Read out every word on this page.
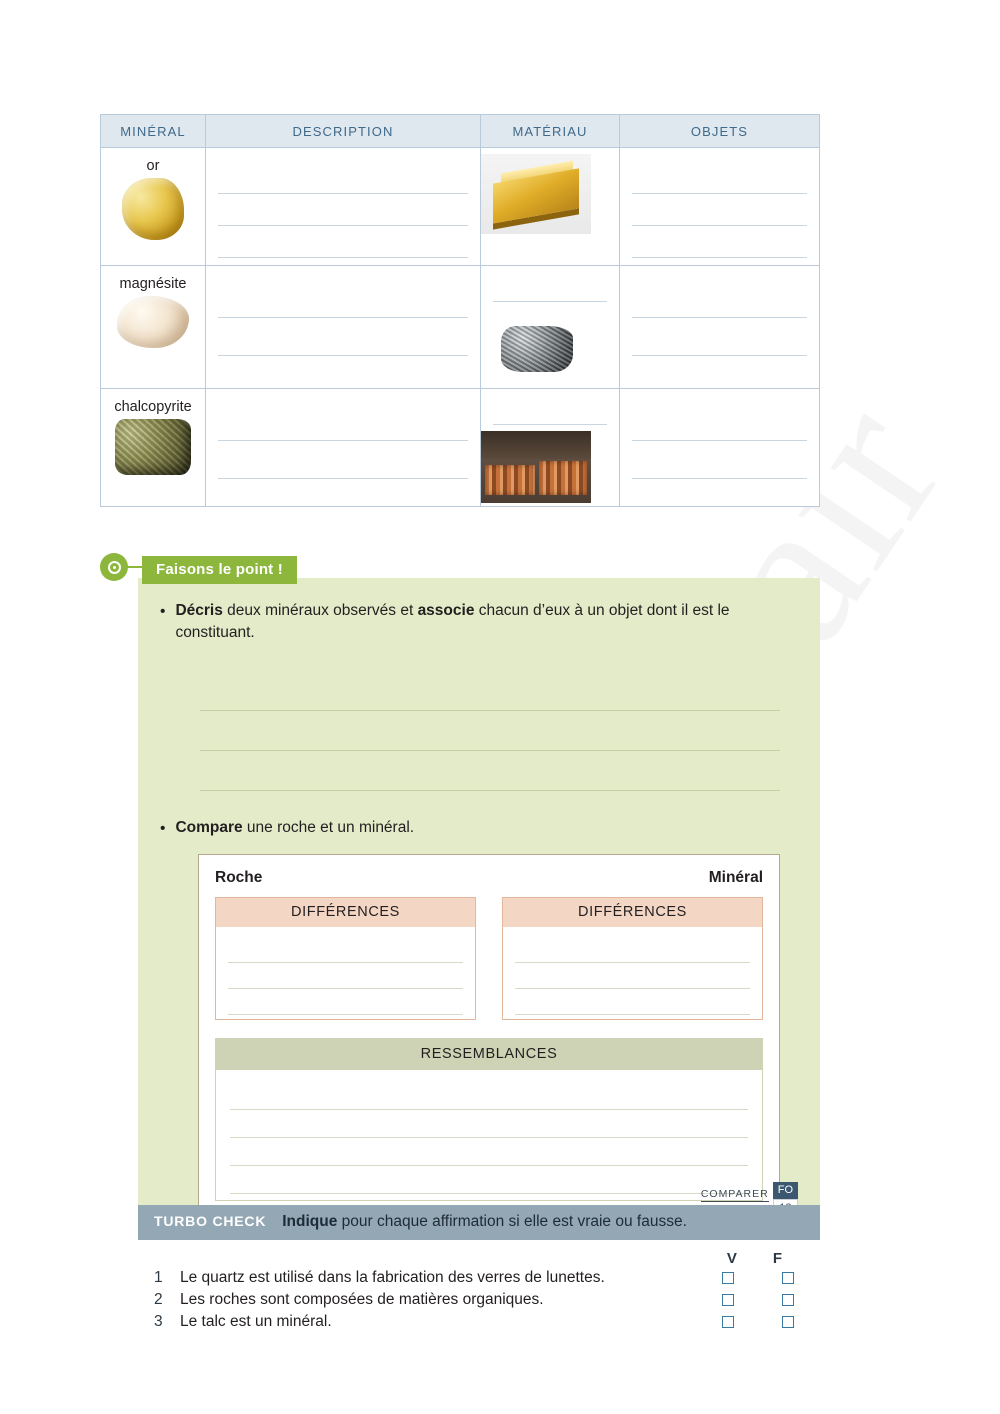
MINÉRAL	DESCRIPTION	MATÉRIAU	OBJETS

or			

magnésite			

chalcopyrite			

Faisons le point !
• Décris deux minéraux observés et associe chacun d’eux à un objet dont il est le constituant.
• Compare une roche et un minéral.
Roche	Minéral
DIFFÉRENCES	DIFFÉRENCES
RESSEMBLANCES
COMPARER FO
TURBO CHECK Indique pour chaque affirmation si elle est vraie ou fausse.
V F
1	Le quartz est utilisé dans la fabrication des verres de lunettes.
2	Les roches sont composées de matières organiques.
3	Le talc est un minéral.
